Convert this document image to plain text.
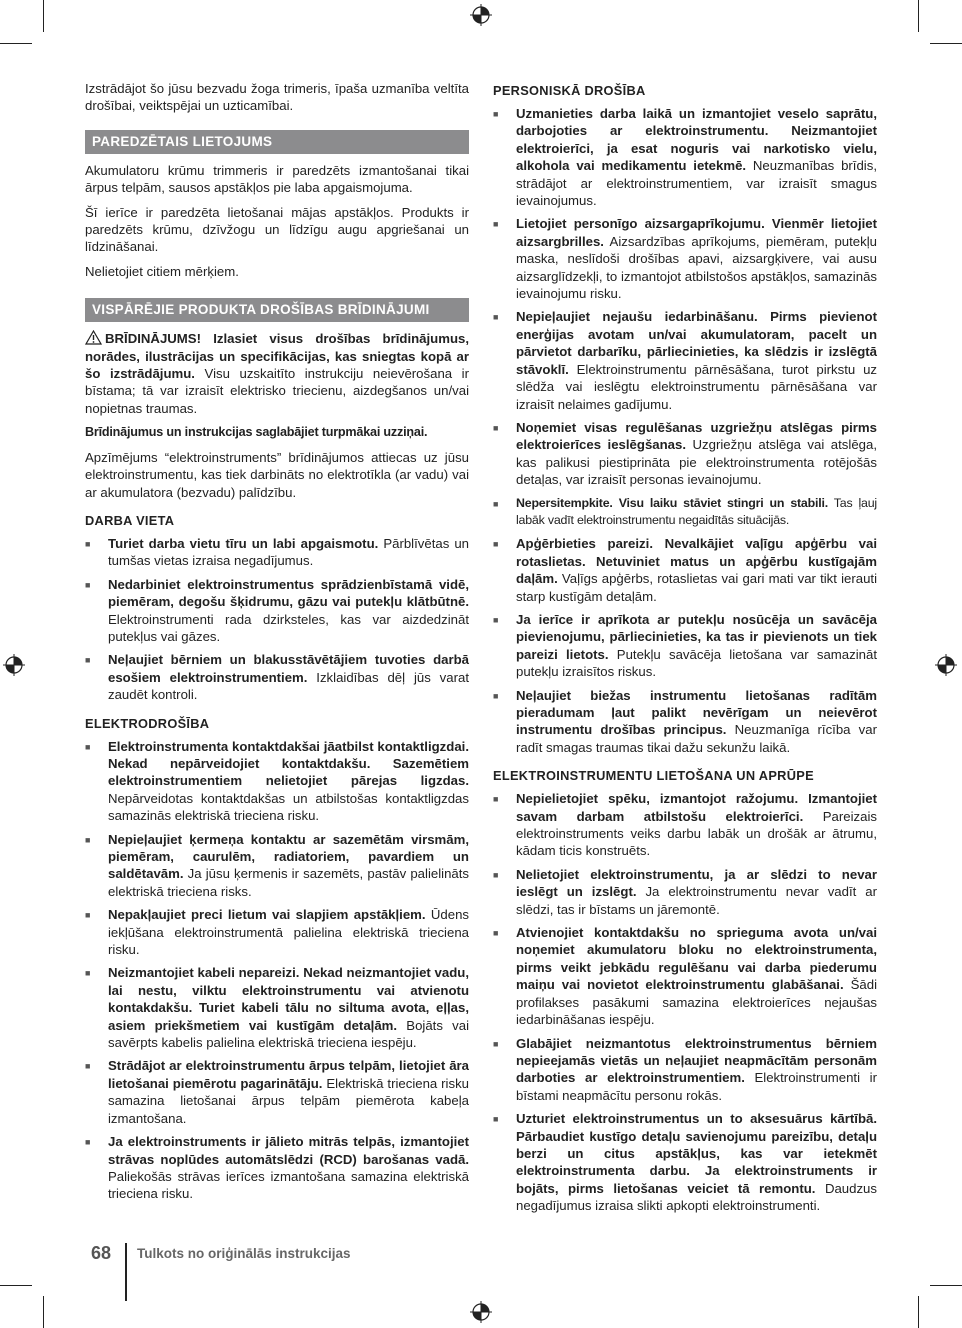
Izstrādājot šo jūsu bezvadu žoga trimeris, īpaša uzmanība veltīta drošībai, veiktspējai un uzticamībai.

PAREDZĒTAIS LIETOJUMS

Akumulatoru krūmu trimmeris ir paredzēts izmantošanai tikai ārpus telpām, sausos apstākļos pie laba apgaismojuma.

Šī ierīce ir paredzēta lietošanai mājas apstākļos. Produkts ir paredzēts krūmu, dzīvžogu un līdzīgu augu apgriešanai un līdzināšanai.

Nelietojiet citiem mērķiem.

VISPĀRĒJIE PRODUKTA DROŠĪBAS BRĪDINĀJUMI

BRĪDINĀJUMS! Izlasiet visus drošības brīdinājumus, norādes, ilustrācijas un specifikācijas, kas sniegtas kopā ar šo izstrādājumu. Visu uzskaitīto instrukciju neievērošana ir bīstama; tā var izraisīt elektrisko triecienu, aizdegšanos un/vai nopietnas traumas.

Brīdinājumus un instrukcijas saglabājiet turpmākai uzziņai.

Apzīmējums “elektroinstruments” brīdinājumos attiecas uz jūsu elektroinstrumentu, kas tiek darbināts no elektrotīkla (ar vadu) vai ar akumulatora (bezvadu) palīdzību.

DARBA VIETA
■ Turiet darba vietu tīru un labi apgaismotu. Pārblīvētas un tumšas vietas izraisa negadījumus.
■ Nedarbiniet elektroinstrumentus sprādzienbīstamā vidē, piemēram, degošu šķidrumu, gāzu vai putekļu klātbūtnē. Elektroinstrumenti rada dzirksteles, kas var aizdedzināt putekļus vai gāzes.
■ Neļaujiet bērniem un blakusstāvētājiem tuvoties darbā esošiem elektroinstrumentiem. Izklaidības dēļ jūs varat zaudēt kontroli.
ELEKTRODROŠĪBA
■ Elektroinstrumenta kontaktdakšai jāatbilst kontaktligzdai. Nekad nepārveidojiet kontaktdakšu. Sazemētiem elektroinstrumentiem nelietojiet pārejas ligzdas. Nepārveidotas kontaktdakšas un atbilstošas kontaktligzdas samazinās elektriskā trieciena risku.
■ Nepieļaujiet ķermeņa kontaktu ar sazemētām virsmām, piemēram, caurulēm, radiatoriem, pavardiem un saldētavām. Ja jūsu ķermenis ir sazemēts, pastāv palielināts elektriskā trieciena risks.
■ Nepakļaujiet preci lietum vai slapjiem apstākļiem. Ūdens iekļūšana elektroinstrumentā palielina elektriskā trieciena risku.
■ Neizmantojiet kabeli nepareizi. Nekad neizmantojiet vadu, lai nestu, vilktu elektroinstrumentu vai atvienotu kontakdakšu. Turiet kabeli tālu no siltuma avota, eļļas, asiem priekšmetiem vai kustīgām detaļām. Bojāts vai savērpts kabelis palielina elektriskā trieciena iespēju.
■ Strādājot ar elektroinstrumentu ārpus telpām, lietojiet āra lietošanai piemērotu pagarinātāju. Elektriskā trieciena risku samazina lietošanai ārpus telpām piemērota kabeļa izmantošana.
■ Ja elektroinstruments ir jālieto mitrās telpās, izmantojiet strāvas noplūdes automātslēdzi (RCD) barošanas vadā. Paliekošās strāvas ierīces izmantošana samazina elektriskā trieciena risku.
PERSONISKĀ DROŠĪBA
■ Uzmanieties darba laikā un izmantojiet veselo saprātu, darbojoties ar elektroinstrumentu. Neizmantojiet elektroierīci, ja esat noguris vai narkotisko vielu, alkohola vai medikamentu ietekmē. Neuzmanības brīdis, strādājot ar elektroinstrumentiem, var izraisīt smagus ievainojumus.
■ Lietojiet personīgo aizsargaprīkojumu. Vienmēr lietojiet aizsargbrilles. Aizsardzības aprīkojums, piemēram, putekļu maska, neslīdoši drošības apavi, aizsargķivere, vai ausu aizsarglīdzekļi, to izmantojot atbilstošos apstākļos, samazinās ievainojumu risku.
■ Nepieļaujiet nejaušu iedarbināšanu. Pirms pievienot enerģijas avotam un/vai akumulatoram, pacelt un pārvietot darbarīku, pārliecinieties, ka slēdzis ir izslēgtā stāvoklī. Elektroinstrumentu pārnēsāšana, turot pirkstu uz slēdža vai ieslēgtu elektroinstrumentu pārnēsāšana var izraisīt nelaimes gadījumu.
■ Noņemiet visas regulēšanas uzgriežņu atslēgas pirms elektroierīces ieslēgšanas. Uzgriežņu atslēga vai atslēga, kas palikusi piestiprināta pie elektroinstrumenta rotējošās detaļas, var izraisīt personas ievainojumu.
■ Nepersitempkite. Visu laiku stāviet stingri un stabili. Tas ļauj labāk vadīt elektroinstrumentu negaidītās situācijās.
■ Apģērbieties pareizi. Nevalkājiet vaļīgu apģērbu vai rotaslietas. Netuviniet matus un apģērbu kustīgajām daļām. Vaļīgs apģērbs, rotaslietas vai gari mati var tikt ierauti starp kustīgām detaļām.
■ Ja ierīce ir aprīkota ar putekļu nosūcēja un savācēja pievienojumu, pārliecinieties, ka tas ir pievienots un tiek pareizi lietots. Putekļu savācēja lietošana var samazināt putekļu izraisītos riskus.
■ Neļaujiet biežas instrumentu lietošanas radītām pieradumam ļaut palikt nevērīgam un neievērot instrumentu drošības principus. Neuzmanīga rīcība var radīt smagas traumas tikai dažu sekunžu laikā.
ELEKTROINSTRUMENTU LIETOŠANA UN APRŪPE
■ Nepielietojiet spēku, izmantojot ražojumu. Izmantojiet savam darbam atbilstošu elektroierīci. Pareizais elektroinstruments veiks darbu labāk un drošāk ar ātrumu, kādam ticis konstruēts.
■ Nelietojiet elektroinstrumentu, ja ar slēdzi to nevar ieslēgt un izslēgt. Ja elektroinstrumentu nevar vadīt ar slēdzi, tas ir bīstams un jāremontē.
■ Atvienojiet kontaktdakšu no sprieguma avota un/vai noņemiet akumulatoru bloku no elektroinstrumenta, pirms veikt jebkādu regulēšanu vai darba piederumu maiņu vai novietot elektroinstrumentu glabāšanai. Šādi profilakses pasākumi samazina elektroierīces nejaušas iedarbināšanas iespēju.
■ Glabājiet neizmantotus elektroinstrumentus bērniem nepieejamās vietās un neļaujiet neapmācītām personām darboties ar elektroinstrumentiem. Elektroinstrumenti ir bīstami neapmācītu personu rokās.
■ Uzturiet elektroinstrumentus un to aksesuārus kārtībā. Pārbaudiet kustīgo detaļu savienojumu pareizību, detaļu berzi un citus apstākļus, kas var ietekmēt elektroinstrumenta darbu. Ja elektroinstruments ir bojāts, pirms lietošanas veiciet tā remontu. Daudzus negadījumus izraisa slikti apkopti elektroinstrumenti.
68 Tulkots no oriģinālās instrukcijas
